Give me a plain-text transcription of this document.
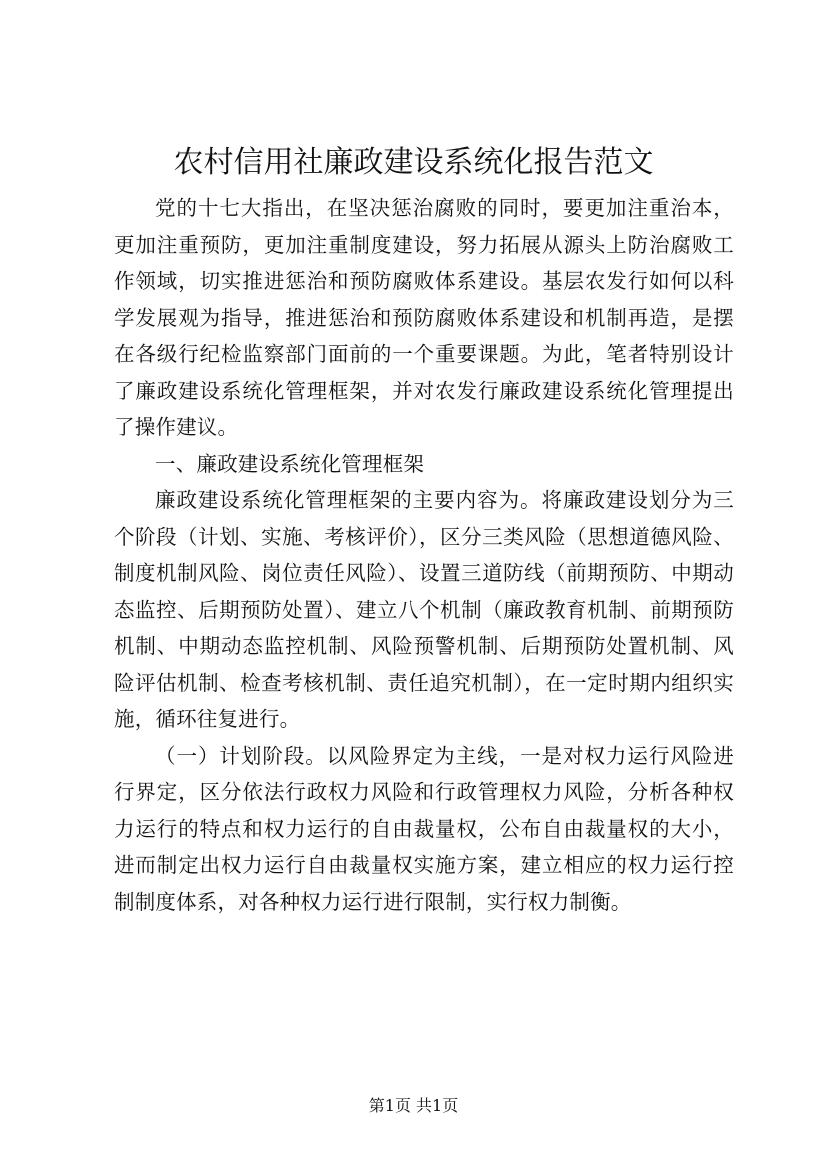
农村信用社廉政建设系统化报告范文

党的十七大指出，在坚决惩治腐败的同时，要更加注重治本，更加注重预防，更加注重制度建设，努力拓展从源头上防治腐败工作领域，切实推进惩治和预防腐败体系建设。基层农发行如何以科学发展观为指导，推进惩治和预防腐败体系建设和机制再造，是摆在各级行纪检监察部门面前的一个重要课题。为此，笔者特别设计了廉政建设系统化管理框架，并对农发行廉政建设系统化管理提出了操作建议。

一、廉政建设系统化管理框架

廉政建设系统化管理框架的主要内容为。将廉政建设划分为三个阶段（计划、实施、考核评价），区分三类风险（思想道德风险、制度机制风险、岗位责任风险）、设置三道防线（前期预防、中期动态监控、后期预防处置）、建立八个机制（廉政教育机制、前期预防机制、中期动态监控机制、风险预警机制、后期预防处置机制、风险评估机制、检查考核机制、责任追究机制），在一定时期内组织实施，循环往复进行。

（一）计划阶段。以风险界定为主线，一是对权力运行风险进行界定，区分依法行政权力风险和行政管理权力风险，分析各种权力运行的特点和权力运行的自由裁量权，公布自由裁量权的大小，进而制定出权力运行自由裁量权实施方案，建立相应的权力运行控制制度体系，对各种权力运行进行限制，实行权力制衡。

第1页 共1页
